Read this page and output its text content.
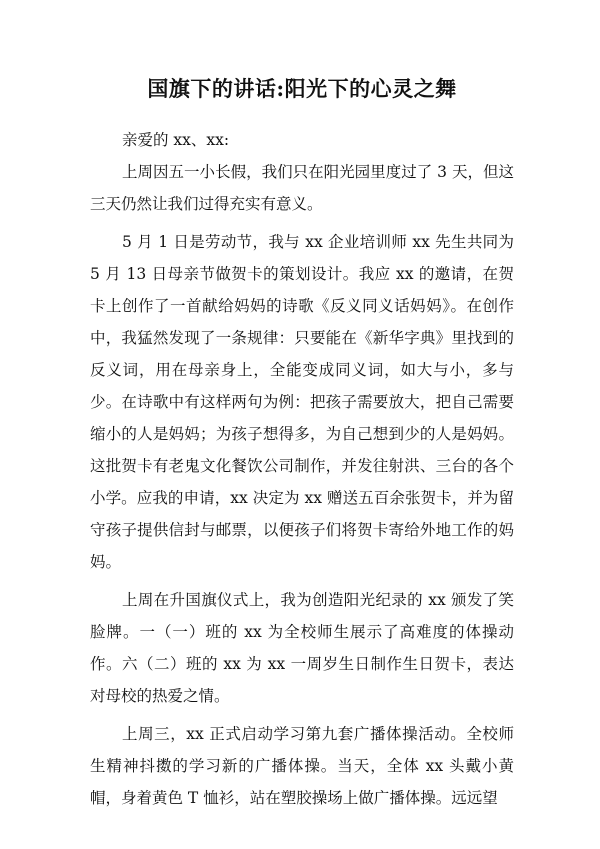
国旗下的讲话:阳光下的心灵之舞

亲爱的 xx、xx:

上周因五一小长假，我们只在阳光园里度过了 3 天，但这三天仍然让我们过得充实有意义。

5 月 1 日是劳动节，我与 xx 企业培训师 xx 先生共同为 5 月 13 日母亲节做贺卡的策划设计。我应 xx 的邀请，在贺卡上创作了一首献给妈妈的诗歌《反义同义话妈妈》。在创作中，我猛然发现了一条规律：只要能在《新华字典》里找到的反义词，用在母亲身上，全能变成同义词，如大与小，多与少。在诗歌中有这样两句为例：把孩子需要放大，把自己需要缩小的人是妈妈；为孩子想得多，为自己想到少的人是妈妈。这批贺卡有老鬼文化餐饮公司制作，并发往射洪、三台的各个小学。应我的申请，xx 决定为 xx 赠送五百余张贺卡，并为留守孩子提供信封与邮票，以便孩子们将贺卡寄给外地工作的妈妈。

上周在升国旗仪式上，我为创造阳光纪录的 xx 颁发了笑脸牌。一（一）班的 xx 为全校师生展示了高难度的体操动作。六（二）班的 xx 为 xx 一周岁生日制作生日贺卡，表达对母校的热爱之情。

上周三，xx 正式启动学习第九套广播体操活动。全校师生精神抖擞的学习新的广播体操。当天，全体 xx 头戴小黄帽，身着黄色 T 恤衫，站在塑胶操场上做广播体操。远远望
